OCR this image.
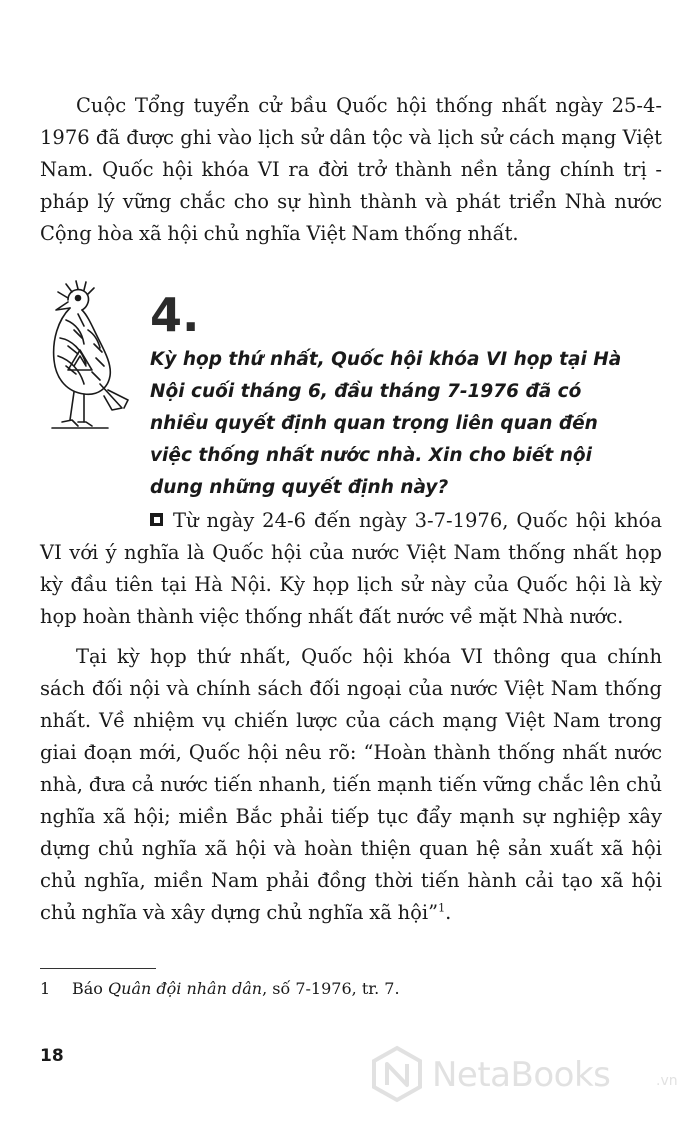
Cuộc Tổng tuyển cử bầu Quốc hội thống nhất ngày 25-4-1976 đã được ghi vào lịch sử dân tộc và lịch sử cách mạng Việt Nam. Quốc hội khóa VI ra đời trở thành nền tảng chính trị - pháp lý vững chắc cho sự hình thành và phát triển Nhà nước Cộng hòa xã hội chủ nghĩa Việt Nam thống nhất.

4.

Kỳ họp thứ nhất, Quốc hội khóa VI họp tại Hà Nội cuối tháng 6, đầu tháng 7-1976 đã có nhiều quyết định quan trọng liên quan đến việc thống nhất nước nhà. Xin cho biết nội dung những quyết định này?

Từ ngày 24-6 đến ngày 3-7-1976, Quốc hội khóa VI với ý nghĩa là Quốc hội của nước Việt Nam thống nhất họp kỳ đầu tiên tại Hà Nội. Kỳ họp lịch sử này của Quốc hội là kỳ họp hoàn thành việc thống nhất đất nước về mặt Nhà nước.

Tại kỳ họp thứ nhất, Quốc hội khóa VI thông qua chính sách đối nội và chính sách đối ngoại của nước Việt Nam thống nhất. Về nhiệm vụ chiến lược của cách mạng Việt Nam trong giai đoạn mới, Quốc hội nêu rõ: “Hoàn thành thống nhất nước nhà, đưa cả nước tiến nhanh, tiến mạnh tiến vững chắc lên chủ nghĩa xã hội; miền Bắc phải tiếp tục đẩy mạnh sự nghiệp xây dựng chủ nghĩa xã hội và hoàn thiện quan hệ sản xuất xã hội chủ nghĩa, miền Nam phải đồng thời tiến hành cải tạo xã hội chủ nghĩa và xây dựng chủ nghĩa xã hội”$^1$.

1 Báo Quân đội nhân dân, số 7-1976, tr. 7.
18	NetaBooks	.vn
